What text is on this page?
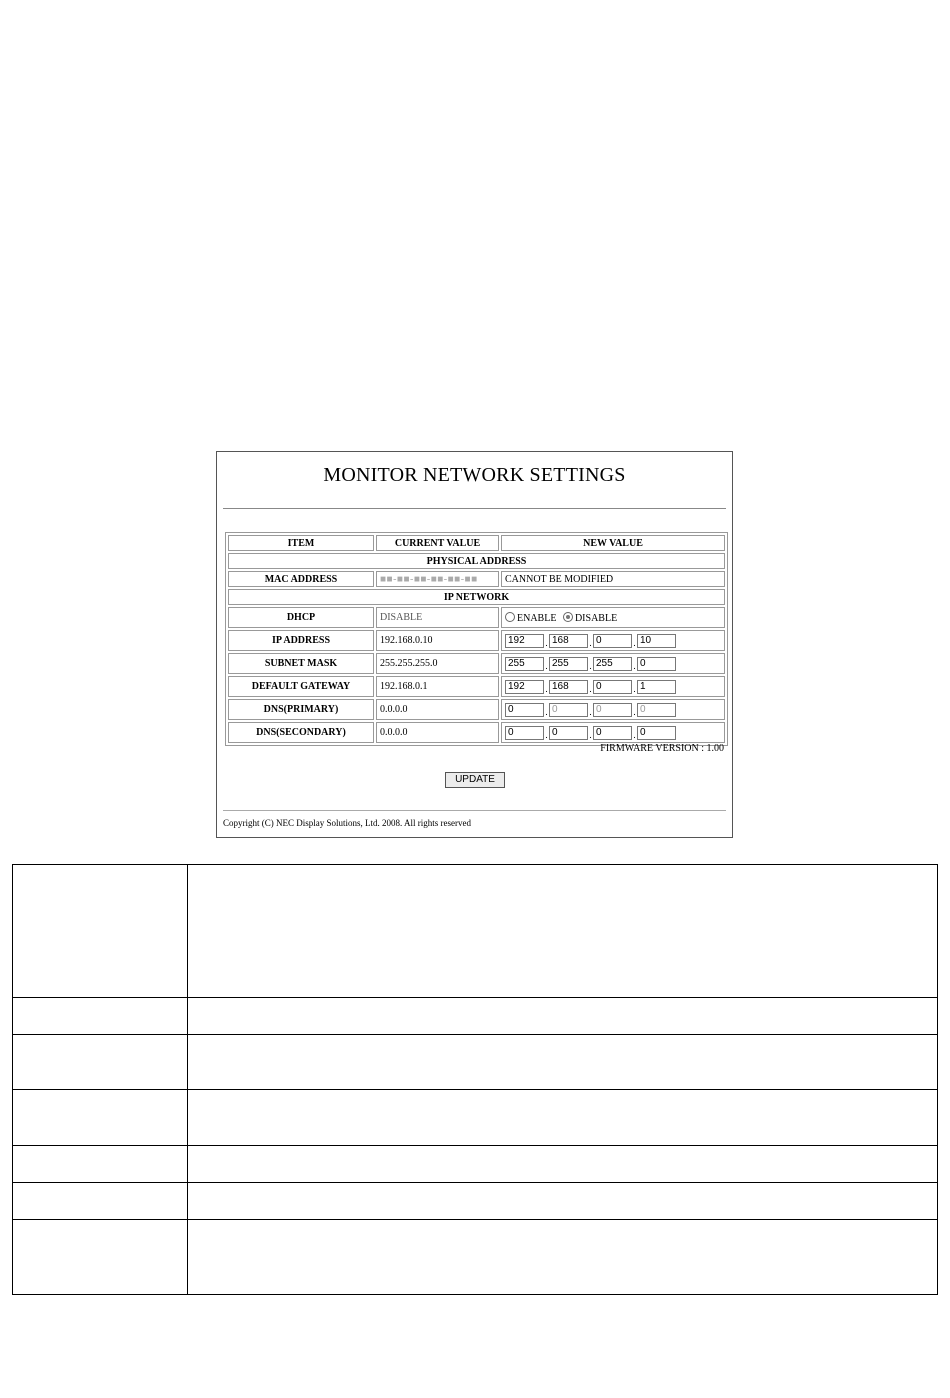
MONITOR NETWORK SETTINGS
ITEM	CURRENT VALUE	NEW VALUE
PHYSICAL ADDRESS		
MAC ADDRESS	■■-■■-■■-■■-■■-■■	CANNOT BE MODIFIED
IP NETWORK		
DHCP	DISABLE	ENABLE DISABLE
IP ADDRESS	192.168.0.10	192 . 168 . 0 . 10
SUBNET MASK	255.255.255.0	255 . 255 . 255 . 0
DEFAULT GATEWAY	192.168.0.1	192 . 168 . 0 . 1
DNS(PRIMARY)	0.0.0.0	0 . 0 . 0 . 0
DNS(SECONDARY)	0.0.0.0	0 . 0 . 0 . 0
FIRMWARE VERSION : 1.00
UPDATE
Copyright (C) NEC Display Solutions, Ltd. 2008. All rights reserved
